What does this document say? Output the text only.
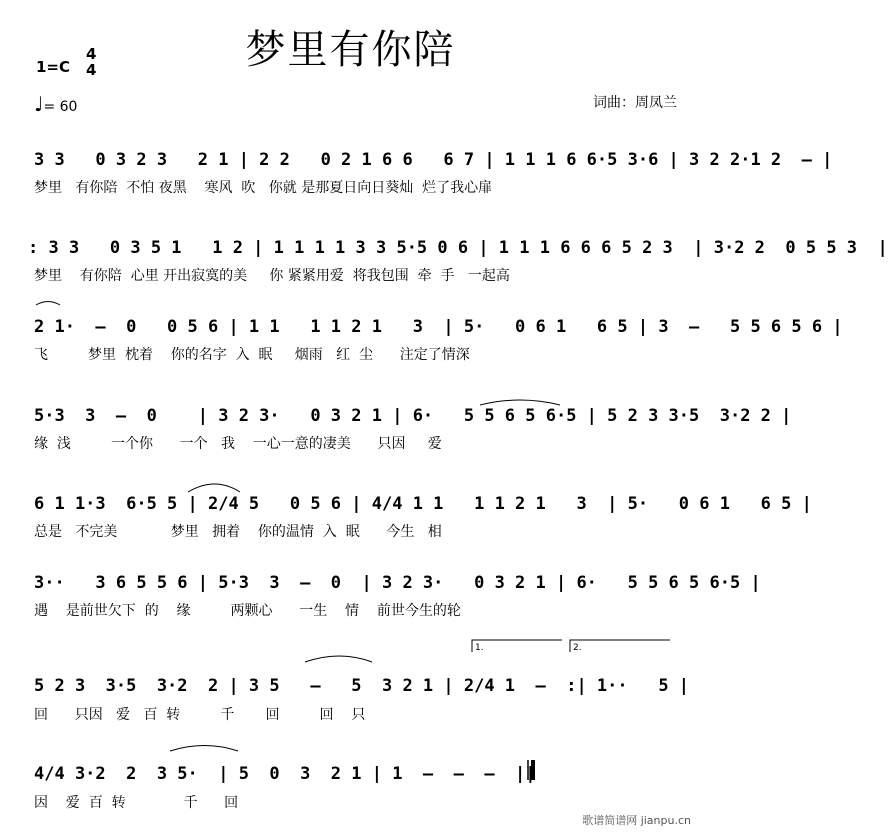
梦里有你陪
1=C
4
4
♩= 60	词曲：周凤兰
3 3   0 3 2 3   2 1 | 2 2   0 2 1 6 6   6 7 | 1 1 1 6 6·5 3·6 | 3 2 2·1 2  – |
梦里   有你陪  不怕 夜黑    寒风  吹   你就 是那夏日向日葵灿  烂了我心扉
: 3 3   0 3 5 1   1 2 | 1 1 1 1 3 3 5·5 0 6 | 1 1 1 6 6 6 5 2 3  | 3·2 2  0 5 5 3  |
梦里    有你陪  心里 开出寂寞的美     你 紧紧用爱  将我包围  牵  手   一起高
2 1·  –  0   0 5 6 | 1 1   1 1 2 1   3  | 5·   0 6 1   6 5 | 3  –   5 5 6 5 6 |
飞         梦里  枕着    你的名字  入  眠     烟雨   红  尘      注定了情深
5·3  3  –  0    | 3 2 3·   0 3 2 1 | 6·   5 5 6 5 6·5 | 5 2 3 3·5  3·2 2 |
缘  浅         一个你      一个   我    一心一意的凄美      只因     爱
6 1 1·3  6·5 5 | 2/4 5   0 5 6 | 4/4 1 1   1 1 2 1   3  | 5·   0 6 1   6 5 |
总是   不完美            梦里   拥着    你的温情  入  眠      今生   相
3··   3 6 5 5 6 | 5·3  3  –  0  | 3 2 3·   0 3 2 1 | 6·   5 5 6 5 6·5 |
遇    是前世欠下  的    缘         两颗心      一生    情    前世今生的轮
5 2 3  3·5  3·2  2 | 3 5   –   5  3 2 1 | 2/4 1  –  :| 1··   5 |
回      只因   爱   百  转         千       回         回    只
4/4 3·2  2  3 5·  | 5  0  3  2 1 | 1  –  –  –  ||
因    爱  百  转             千      回
1.	2.
歌谱简谱网 jianpu.cn
